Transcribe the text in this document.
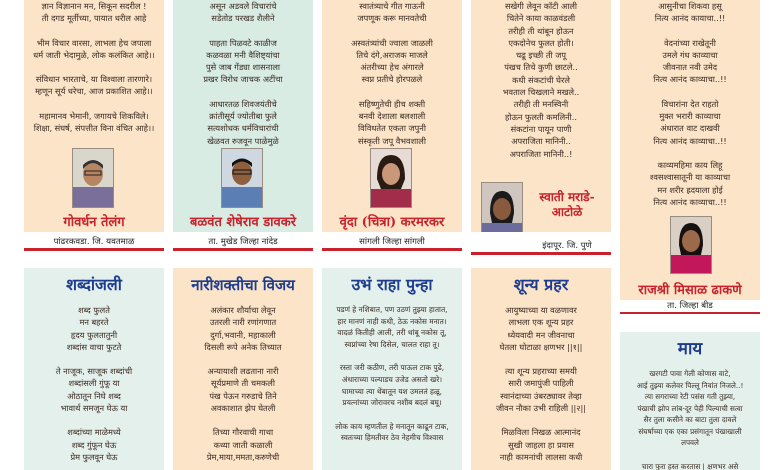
ज्ञान विज्ञानान मन, सिकून सदरील !
ती दगड मूर्तीच्या, पायात धरील आहे
भीम विचार वारसा, लाभला हेच जपाला
धर्म जाती भेदामुळे, लोक कलंकित आहे।।
संविधान भारताचे, या विश्वाला तारणारे।
म्हणून सूर्य धरेचा, आज प्रकाशित आहे।।
महामानव भेमानी, जगायचे शिकविले।
शिक्षा, संघर्ष, संपत्तीत विना वंचित आहे।।
गोवर्धन तेलंग
पांढरकवडा. जि. यवतमाळ
असून अडवले विचारांचे
सडेतोड परखड शैलीने
पाहता पिळवटे काळीज
कळवळा मनी वैशिष्ट्यांचा
पुसे जाब गेंड्या शासनाला
प्रखर विरोध जाचक अटींचा
आधारतळ शिवजयंतीचे
क्रांतीसूर्य ज्योतीबा फुले
सत्यशोधक धर्मविचारांची
खेळवत रुजवून पाळेमुळे
बळवंत शेषेराव डावकरे
ता. मुखेड जिल्हा नांदेड
स्वातंत्र्याचे गीत गाऊनी
जपणूक करू मानवतेची
अस्वतंत्र्यांची ज्वाला जाळली
तिचे दंगे,अराजक माजले
अंतरीच्या हेच अंगारले
स्वप्न प्रतीचे होरपळले
सहिष्णुतेची हीच शक्ती
बनवी देशाला बलशाली
विविधतेत एकता जपुनी
संस्कृती जपू वैभवशाली
वृंदा (चित्रा) करमरकर
सांगली जिल्हा सांगली
सखेगी लेवून कॉटी आली
चितेने काया काळवंडली
तरीही ती थांबून होऊन
एकदोनेच फुलत होती।
चढू इच्छी ती जपू
पंखच तिचे कुणी छाटले..
कधी संकटांची घेरले
भवताल चिखलाने मखले..
तरीही ती मनस्विनी
होऊन फुलती कमलिनी..
संकटांना पायून पाणी
अपराजिता मानिनी..
अपराजिता मानिनी..!
स्वाती मराडे- आटोळे
इंदापूर. जि. पुणे
आसुनीचा शिकवा हसू
नित्य आनंद कायाचा..!!
वेदनांच्या राखेतूनी
उमले गंध काव्याचा
जीवनात नवी उमेद
नित्य आनंद काव्याचा..!!
विचारांना देत राहतो
मुक्त भरारी काव्याचा
अंधारात वाट दाखवी
नित्य आनंद काव्याचा..!!
काव्यमहिमा काय लिहू
श्वसश्वासातूनी या काव्याचा
मन शरीर ह्रदयाला होई
नित्य आनंद काव्याचा..!!
राजश्री मिसाळ ढाकणे
ता. जिल्हा बीड
शब्दांजली
शब्द फुलते
मन बहरते
हृदय फुलतातुनी
शब्दांस वाचा फुटते
ते नाजूक, साजूक शब्दांची
शब्दांसली गुंफू या
ओठातून निघे शब्द
भावार्थ समजून घेऊ या
शब्दांच्या माळेमध्ये
शब्द गुंफून घेऊ
प्रेम फुलवून घेऊ
नारीशक्तीचा विजय
अलंकार शौर्याचा लेवून
उतरली नारी रणांगणात
दुर्गा,भवानी, महाकाली
दिसली रूपे अनेक तिच्यात
अन्यायाशी लढताना नारी
सूर्यप्रमाणे ती चमकली
पंख पेऊन गरुडाचे तिने
अवकाशात झेप घेतली
तिच्या गौरवाची गाथा
कथ्या जाती कळाली
प्रेम,माया,ममता,करुणेची
उभं राहा पुन्हा
पडणं हे नशिबात, पण उठणं तुझ्या हातात,
हार मानणं नाही कधी, ठेऊ नकोस मनात।
वादळं कितीही आली, तरी थांबू नकोस तू,
स्वप्नांच्या रेषा दिसेल, चालत राहा तू।
रस्ता जरी कठीण, तरी पाऊल टाक पुढे,
अंधाराच्या पल्याडच उजेड असतो खरे।
घामाच्या त्या थेंबातून यश उमलतं हळू,
प्रयत्नांच्या जोरावरच नशीब बदलं बघू।
लोक काय म्हणतील हे मनातून काढून टाक,
स्वतःच्या हिमतीवर ठेव नेहमीच विश्वास
शून्य प्रहर
आयुष्याच्या या वळणावर
लाभला एक शून्य प्रहर
ध्येयवादी मन जीवनाचा
घेतला घोटाळा क्षणभर ||१||
त्या शून्य प्रहराच्या समयी
सारी जमापुंजी पाहिली
स्वानंदाच्या उंबरठ्यावर तेव्हा
जीवन नौका उभी राहिली ||२||
मिळविला निखळ आत्मानंद
सुखी जाहला हा प्रवास
नाही कामनांची लालसा कधी
माय
खरगटी पावा गेली कोणास वाटे,
आई तुझ्या कलेवर पिल्लू निवांत निजले..!
त्या सगराच्या रेटी पसंस गती तुझ्या,
पंखाची झोप लांब-दूर पेही पिल्याची सत्वा
सैर तुला कसीने का बाटा तुला दावले
संघर्षाच्या एक एका प्रसंगातून पंखाखाली
लपवले
चारा फुरा हस्त करतास | क्षणभर असे
